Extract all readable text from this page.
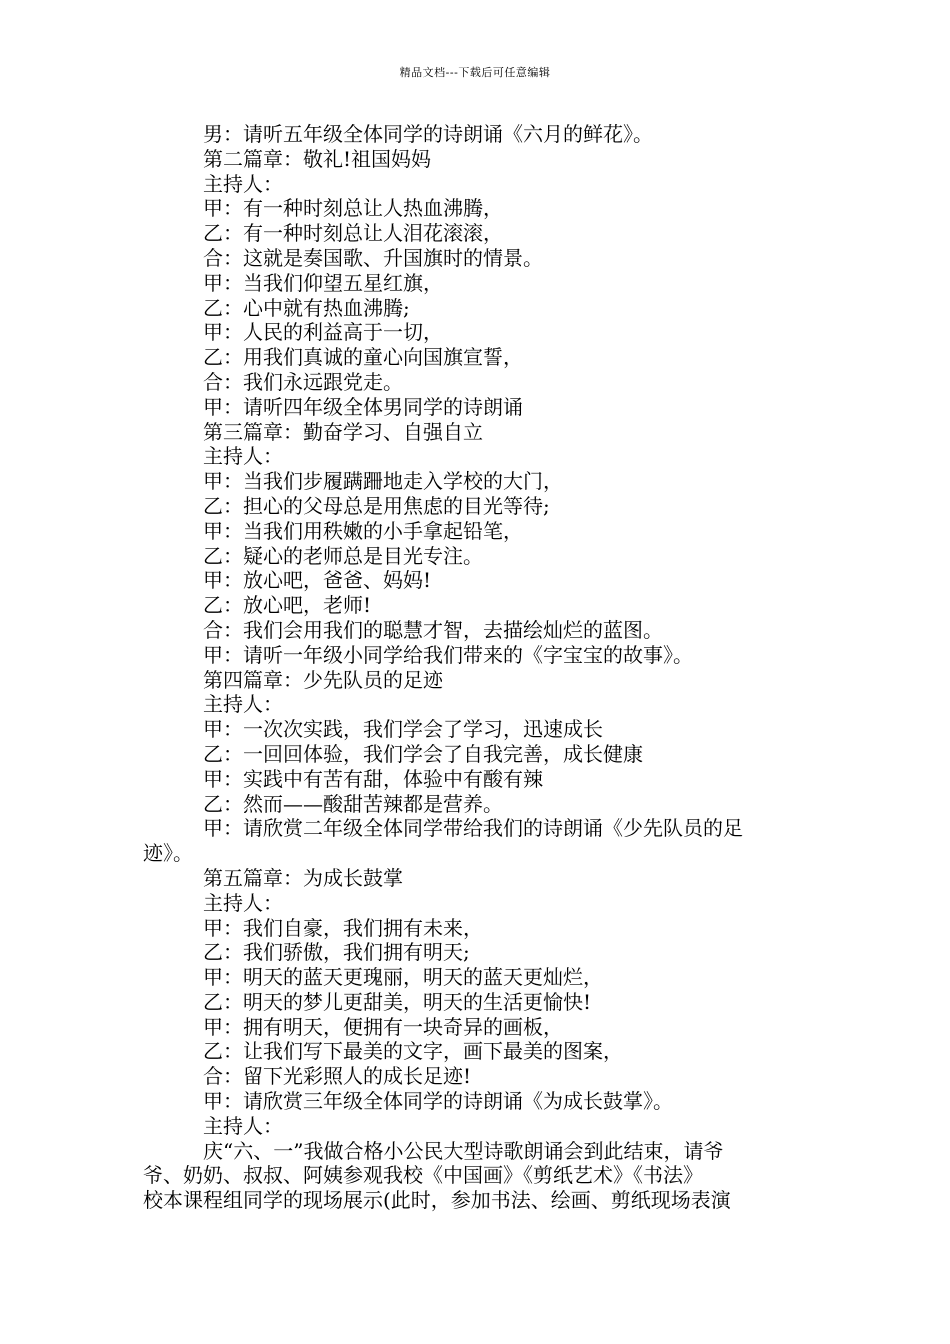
精品文档---下载后可任意编辑
男：请听五年级全体同学的诗朗诵《六月的鲜花》。
第二篇章：敬礼!祖国妈妈
主持人：
甲：有一种时刻总让人热血沸腾，
乙：有一种时刻总让人泪花滚滚，
合：这就是奏国歌、升国旗时的情景。
甲：当我们仰望五星红旗，
乙：心中就有热血沸腾;
甲：人民的利益高于一切，
乙：用我们真诚的童心向国旗宣誓，
合：我们永远跟党走。
甲：请听四年级全体男同学的诗朗诵
第三篇章：勤奋学习、自强自立
主持人：
甲：当我们步履蹒跚地走入学校的大门，
乙：担心的父母总是用焦虑的目光等待;
甲：当我们用秩嫩的小手拿起铅笔，
乙：疑心的老师总是目光专注。
甲：放心吧，爸爸、妈妈!
乙：放心吧，老师!
合：我们会用我们的聪慧才智，去描绘灿烂的蓝图。
甲：请听一年级小同学给我们带来的《字宝宝的故事》。
第四篇章：少先队员的足迹
主持人：
甲：一次次实践，我们学会了学习，迅速成长
乙：一回回体验，我们学会了自我完善，成长健康
甲：实践中有苦有甜，体验中有酸有辣
乙：然而——酸甜苦辣都是营养。
甲：请欣赏二年级全体同学带给我们的诗朗诵《少先队员的足
迹》。
第五篇章：为成长鼓掌
主持人：
甲：我们自豪，我们拥有未来，
乙：我们骄傲，我们拥有明天;
甲：明天的蓝天更瑰丽，明天的蓝天更灿烂，
乙：明天的梦儿更甜美，明天的生活更愉快!
甲：拥有明天，便拥有一块奇异的画板，
乙：让我们写下最美的文字，画下最美的图案，
合：留下光彩照人的成长足迹!
甲：请欣赏三年级全体同学的诗朗诵《为成长鼓掌》。
主持人：
庆“六、一”我做合格小公民大型诗歌朗诵会到此结束，请爷
爷、奶奶、叔叔、阿姨参观我校《中国画》《剪纸艺术》《书法》
校本课程组同学的现场展示(此时，参加书法、绘画、剪纸现场表演
